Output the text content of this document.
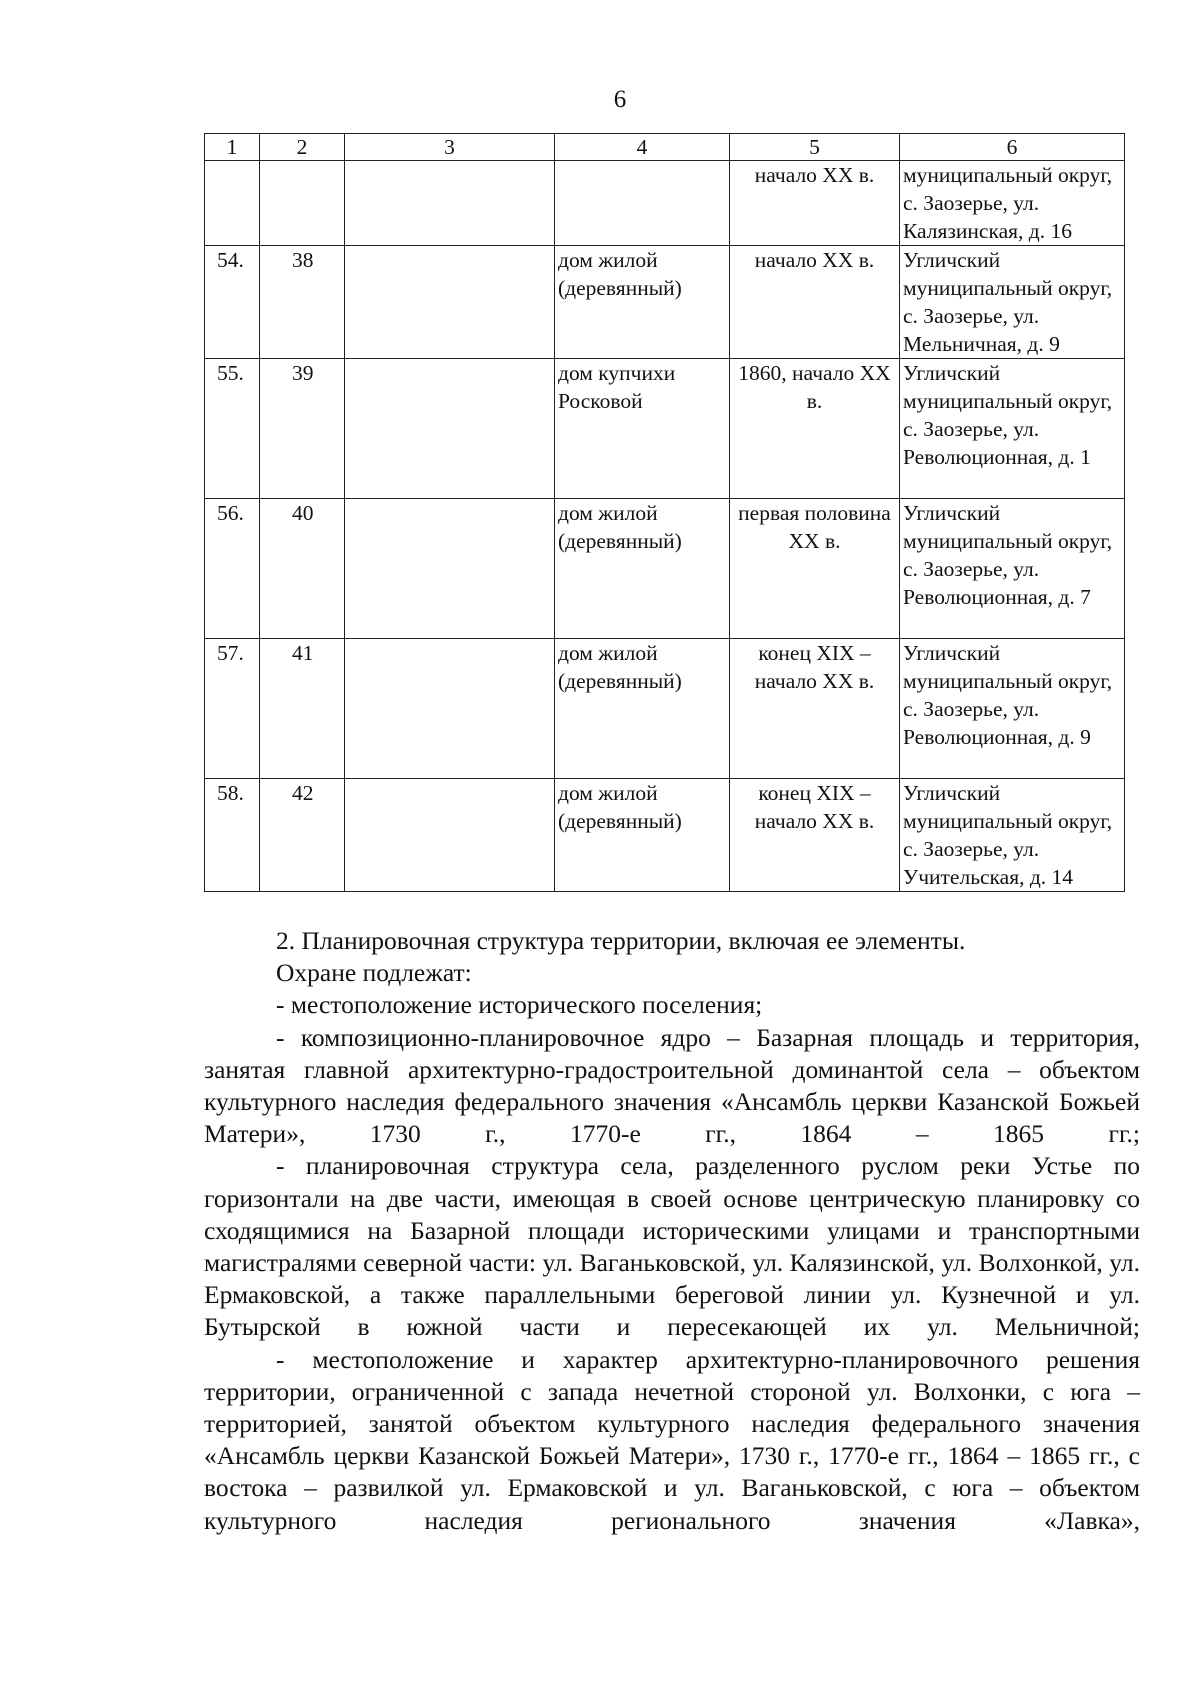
6
1	2	3	4	5	6
				начало XX в.	муниципальный округ, с. Заозерье, ул. Калязинская, д. 16
54.	38		дом жилой (деревянный)	начало XX в.	Угличский муниципальный округ, с. Заозерье, ул. Мельничная, д. 9
55.	39		дом купчихи Росковой	1860, начало XX в.	Угличский муниципальный округ, с. Заозерье, ул. Революционная, д. 1
56.	40		дом жилой (деревянный)	первая половина XX в.	Угличский муниципальный округ, с. Заозерье, ул. Революционная, д. 7
57.	41		дом жилой (деревянный)	конец XIX – начало XX в.	Угличский муниципальный округ, с. Заозерье, ул. Революционная, д. 9
58.	42		дом жилой (деревянный)	конец XIX – начало XX в.	Угличский муниципальный округ, с. Заозерье, ул. Учительская, д. 14

2. Планировочная структура территории, включая ее элементы.

Охране подлежат:

- местоположение исторического поселения;

- композиционно-планировочное ядро – Базарная площадь и территория, занятая главной архитектурно-градостроительной доминантой села – объектом культурного наследия федерального значения «Ансамбль церкви Казанской Божьей Матери», 1730 г., 1770-е гг., 1864 – 1865 гг.;

- планировочная структура села, разделенного руслом реки Устье по горизонтали на две части, имеющая в своей основе центрическую планировку со сходящимися на Базарной площади историческими улицами и транспортными магистралями северной части: ул. Ваганьковской, ул. Калязинской, ул. Волхонкой, ул. Ермаковской, а также параллельными береговой линии ул. Кузнечной и ул. Бутырской в южной части и пересекающей их ул. Мельничной;

- местоположение и характер архитектурно-планировочного решения территории, ограниченной с запада нечетной стороной ул. Волхонки, с юга – территорией, занятой объектом культурного наследия федерального значения «Ансамбль церкви Казанской Божьей Матери», 1730 г., 1770-е гг., 1864 – 1865 гг., с востока – развилкой ул. Ермаковской и ул. Ваганьковской, с юга – объектом культурного наследия регионального значения «Лавка»,
